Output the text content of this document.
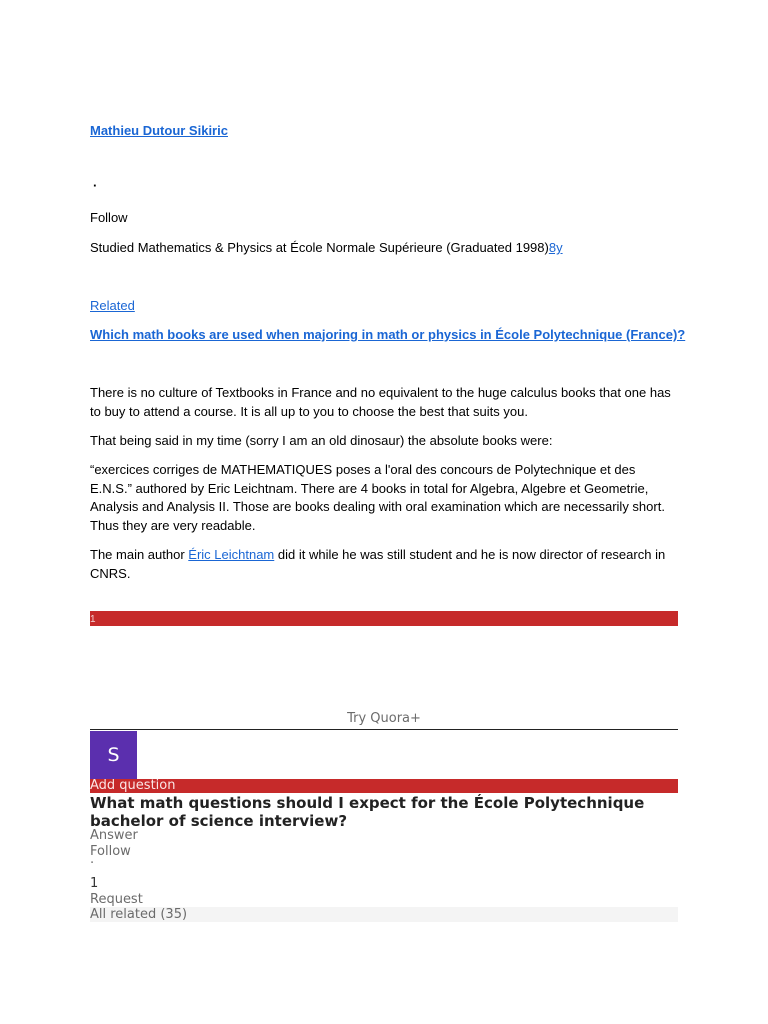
Mathieu Dutour Sikiric
·
Follow
Studied Mathematics & Physics at École Normale Supérieure (Graduated 1998)8y
Related
Which math books are used when majoring in math or physics in École Polytechnique (France)?
There is no culture of Textbooks in France and no equivalent to the huge calculus books that one has to buy to attend a course. It is all up to you to choose the best that suits you.
That being said in my time (sorry I am an old dinosaur) the absolute books were:
“exercices corriges de MATHEMATIQUES poses a l'oral des concours de Polytechnique et des E.N.S.” authored by Eric Leichtnam. There are 4 books in total for Algebra, Algebre et Geometrie, Analysis and Analysis II. Those are books dealing with oral examination which are necessarily short. Thus they are very readable.
The main author Éric Leichtnam did it while he was still student and he is now director of research in CNRS.
1
Try Quora+
S
Add question
What math questions should I expect for the École Polytechnique bachelor of science interview?
Answer
Follow
·
1
Request
All related (35)
